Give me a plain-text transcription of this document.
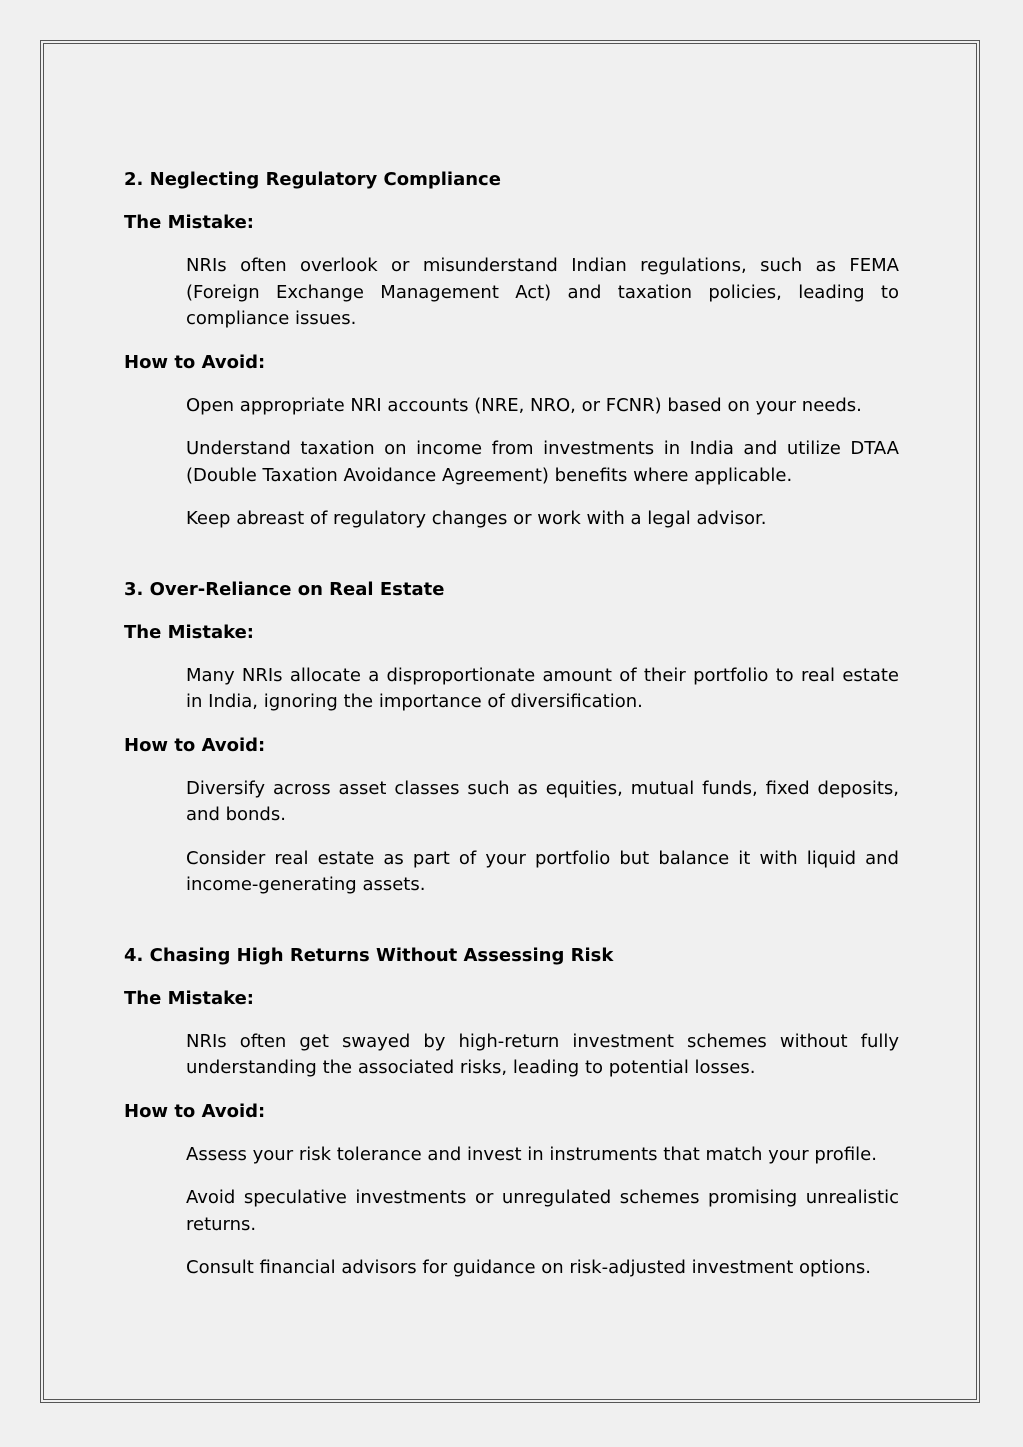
2. Neglecting Regulatory Compliance
The Mistake:

NRIs often overlook or misunderstand Indian regulations, such as FEMA (Foreign Exchange Management Act) and taxation policies, leading to compliance issues.

How to Avoid:

Open appropriate NRI accounts (NRE, NRO, or FCNR) based on your needs.

Understand taxation on income from investments in India and utilize DTAA (Double Taxation Avoidance Agreement) benefits where applicable.

Keep abreast of regulatory changes or work with a legal advisor.

3. Over-Reliance on Real Estate
The Mistake:

Many NRIs allocate a disproportionate amount of their portfolio to real estate in India, ignoring the importance of diversification.

How to Avoid:

Diversify across asset classes such as equities, mutual funds, fixed deposits, and bonds.

Consider real estate as part of your portfolio but balance it with liquid and income-generating assets.

4. Chasing High Returns Without Assessing Risk
The Mistake:

NRIs often get swayed by high-return investment schemes without fully understanding the associated risks, leading to potential losses.

How to Avoid:

Assess your risk tolerance and invest in instruments that match your profile.

Avoid speculative investments or unregulated schemes promising unrealistic returns.

Consult financial advisors for guidance on risk-adjusted investment options.
